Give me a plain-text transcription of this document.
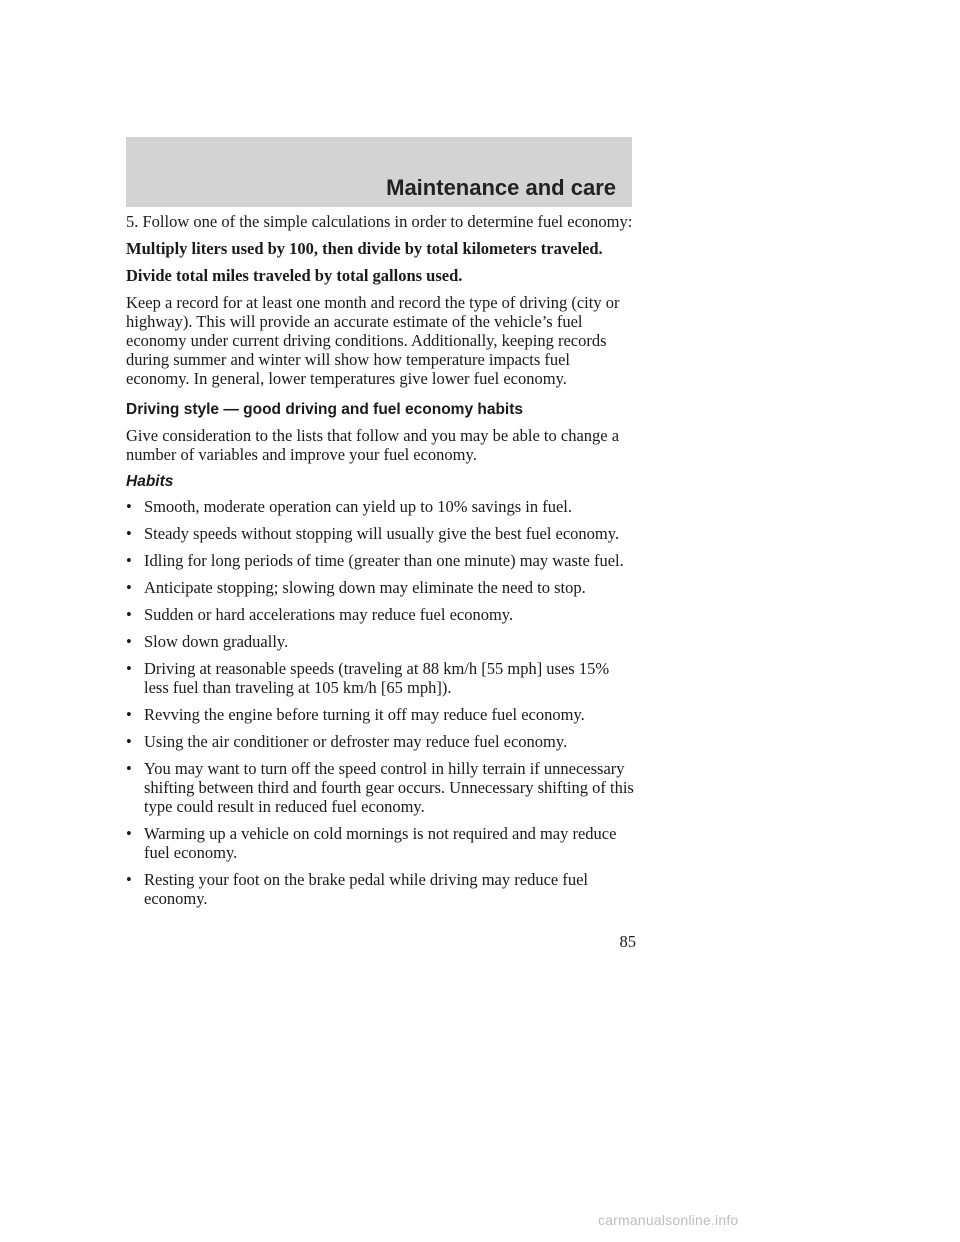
Maintenance and care

5. Follow one of the simple calculations in order to determine fuel economy:

Multiply liters used by 100, then divide by total kilometers traveled.

Divide total miles traveled by total gallons used.

Keep a record for at least one month and record the type of driving (city or highway). This will provide an accurate estimate of the vehicle’s fuel economy under current driving conditions. Additionally, keeping records during summer and winter will show how temperature impacts fuel economy. In general, lower temperatures give lower fuel economy.

Driving style — good driving and fuel economy habits

Give consideration to the lists that follow and you may be able to change a number of variables and improve your fuel economy.

Habits
• Smooth, moderate operation can yield up to 10% savings in fuel.
• Steady speeds without stopping will usually give the best fuel economy.
• Idling for long periods of time (greater than one minute) may waste fuel.
• Anticipate stopping; slowing down may eliminate the need to stop.
• Sudden or hard accelerations may reduce fuel economy.
• Slow down gradually.
• Driving at reasonable speeds (traveling at 88 km/h [55 mph] uses 15% less fuel than traveling at 105 km/h [65 mph]).
• Revving the engine before turning it off may reduce fuel economy.
• Using the air conditioner or defroster may reduce fuel economy.
• You may want to turn off the speed control in hilly terrain if unnecessary shifting between third and fourth gear occurs. Unnecessary shifting of this type could result in reduced fuel economy.
• Warming up a vehicle on cold mornings is not required and may reduce fuel economy.
• Resting your foot on the brake pedal while driving may reduce fuel economy.
85
carmanualsonline.info
